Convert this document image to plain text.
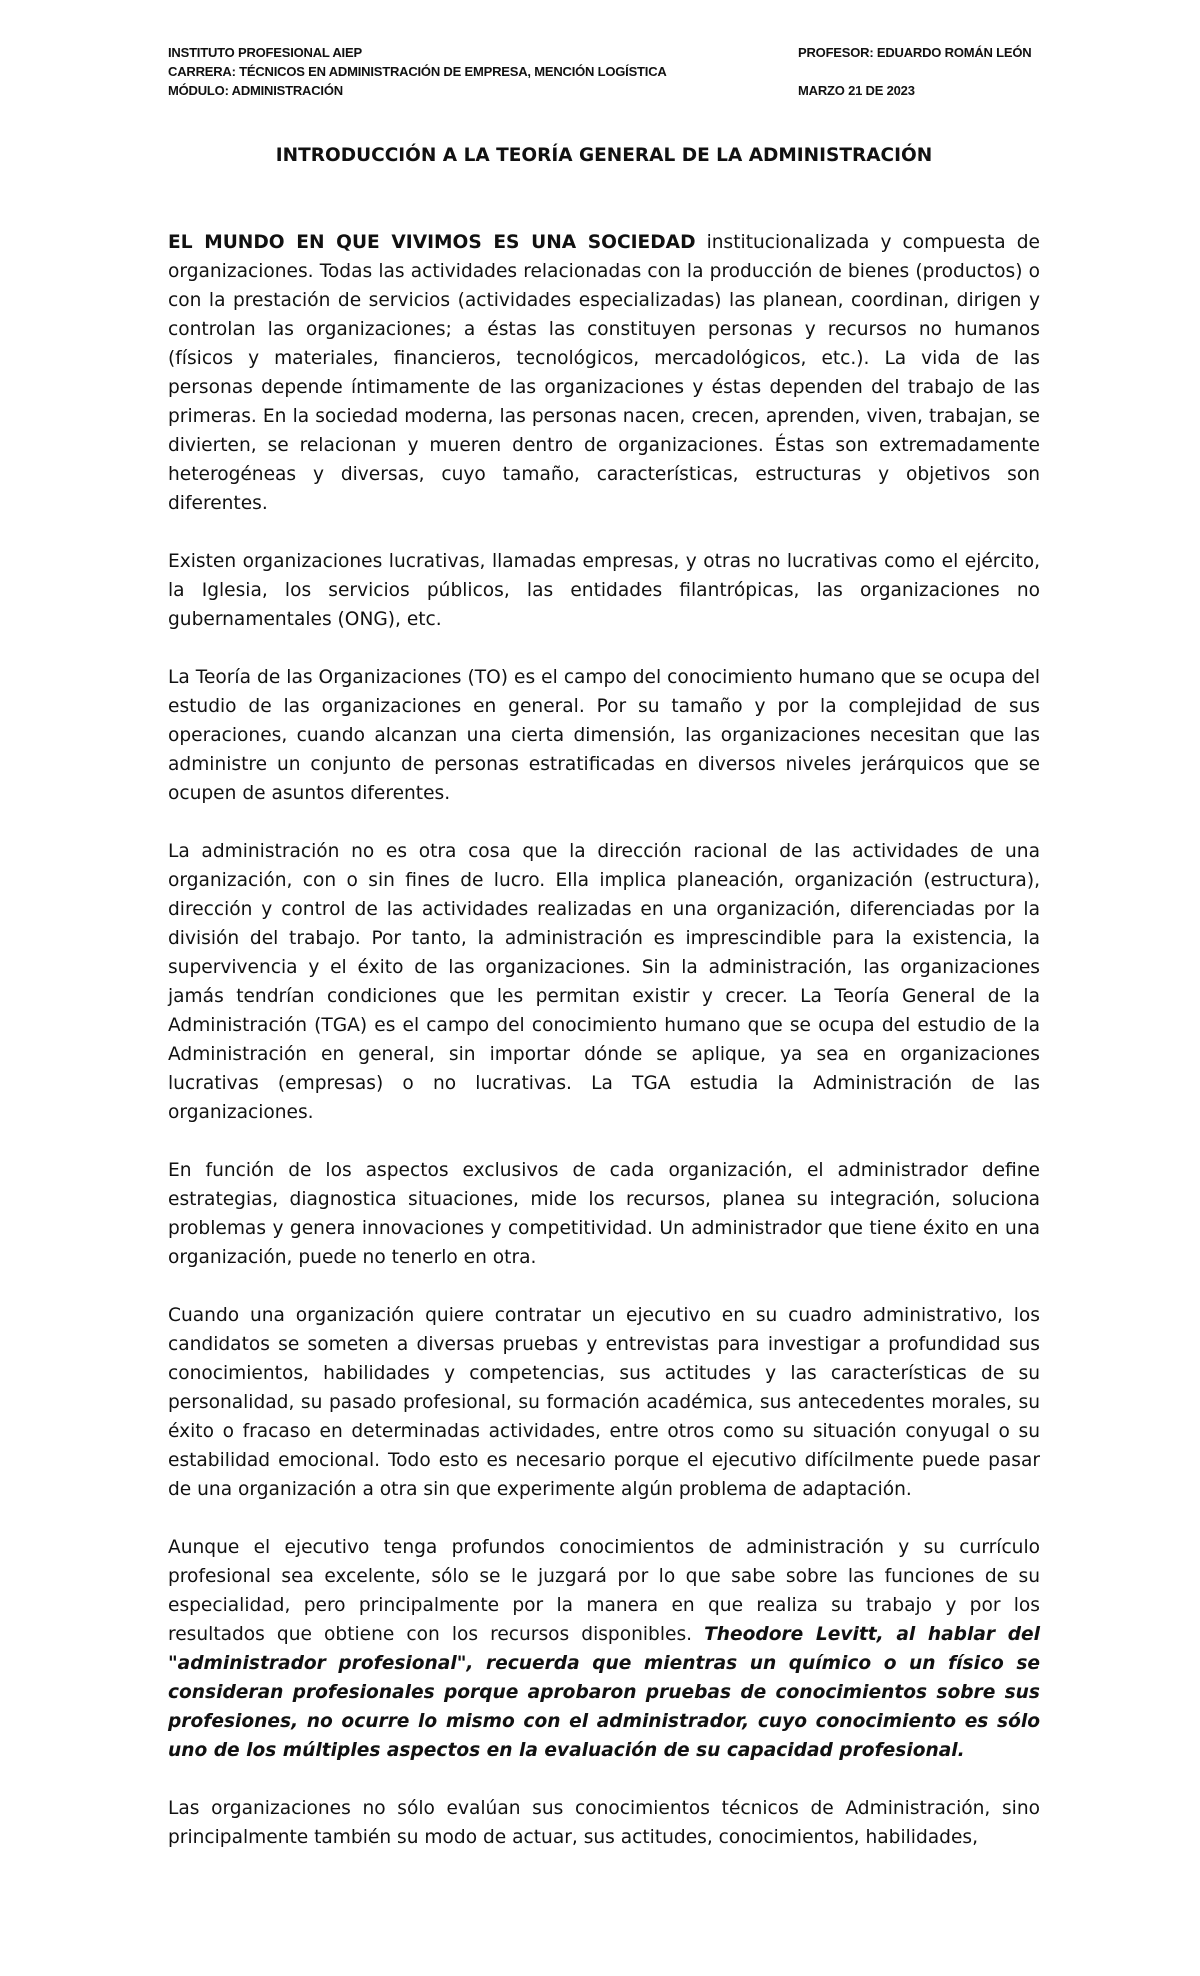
INSTITUTO PROFESIONAL AIEP
CARRERA: TÉCNICOS EN ADMINISTRACIÓN DE EMPRESA, MENCIÓN LOGÍSTICA
MÓDULO: ADMINISTRACIÓN
PROFESOR: EDUARDO ROMÁN LEÓN
MARZO 21 DE 2023
INTRODUCCIÓN A LA TEORÍA GENERAL DE LA ADMINISTRACIÓN

EL MUNDO EN QUE VIVIMOS ES UNA SOCIEDAD institucionalizada y compuesta de organizaciones. Todas las actividades relacionadas con la producción de bienes (productos) o con la prestación de servicios (actividades especializadas) las planean, coordinan, dirigen y controlan las organizaciones; a éstas las constituyen personas y recursos no humanos (físicos y materiales, financieros, tecnológicos, mercadológicos, etc.). La vida de las personas depende íntimamente de las organizaciones y éstas dependen del trabajo de las primeras. En la sociedad moderna, las personas nacen, crecen, aprenden, viven, trabajan, se divierten, se relacionan y mueren dentro de organizaciones. Éstas son extremadamente heterogéneas y diversas, cuyo tamaño, características, estructuras y objetivos son diferentes.

Existen organizaciones lucrativas, llamadas empresas, y otras no lucrativas como el ejército, la Iglesia, los servicios públicos, las entidades filantrópicas, las organizaciones no gubernamentales (ONG), etc.

La Teoría de las Organizaciones (TO) es el campo del conocimiento humano que se ocupa del estudio de las organizaciones en general. Por su tamaño y por la complejidad de sus operaciones, cuando alcanzan una cierta dimensión, las organizaciones necesitan que las administre un conjunto de personas estratificadas en diversos niveles jerárquicos que se ocupen de asuntos diferentes.

La administración no es otra cosa que la dirección racional de las actividades de una organización, con o sin fines de lucro. Ella implica planeación, organización (estructura), dirección y control de las actividades realizadas en una organización, diferenciadas por la división del trabajo. Por tanto, la administración es imprescindible para la existencia, la supervivencia y el éxito de las organizaciones. Sin la administración, las organizaciones jamás tendrían condiciones que les permitan existir y crecer. La Teoría General de la Administración (TGA) es el campo del conocimiento humano que se ocupa del estudio de la Administración en general, sin importar dónde se aplique, ya sea en organizaciones lucrativas (empresas) o no lucrativas. La TGA estudia la Administración de las organizaciones.

En función de los aspectos exclusivos de cada organización, el administrador define estrategias, diagnostica situaciones, mide los recursos, planea su integración, soluciona problemas y genera innovaciones y competitividad. Un administrador que tiene éxito en una organización, puede no tenerlo en otra.

Cuando una organización quiere contratar un ejecutivo en su cuadro administrativo, los candidatos se someten a diversas pruebas y entrevistas para investigar a profundidad sus conocimientos, habilidades y competencias, sus actitudes y las características de su personalidad, su pasado profesional, su formación académica, sus antecedentes morales, su éxito o fracaso en determinadas actividades, entre otros como su situación conyugal o su estabilidad emocional. Todo esto es necesario porque el ejecutivo difícilmente puede pasar de una organización a otra sin que experimente algún problema de adaptación.

Aunque el ejecutivo tenga profundos conocimientos de administración y su currículo profesional sea excelente, sólo se le juzgará por lo que sabe sobre las funciones de su especialidad, pero principalmente por la manera en que realiza su trabajo y por los resultados que obtiene con los recursos disponibles. Theodore Levitt, al hablar del "administrador profesional", recuerda que mientras un químico o un físico se consideran profesionales porque aprobaron pruebas de conocimientos sobre sus profesiones, no ocurre lo mismo con el administrador, cuyo conocimiento es sólo uno de los múltiples aspectos en la evaluación de su capacidad profesional.

Las organizaciones no sólo evalúan sus conocimientos técnicos de Administración, sino principalmente también su modo de actuar, sus actitudes, conocimientos, habilidades,
